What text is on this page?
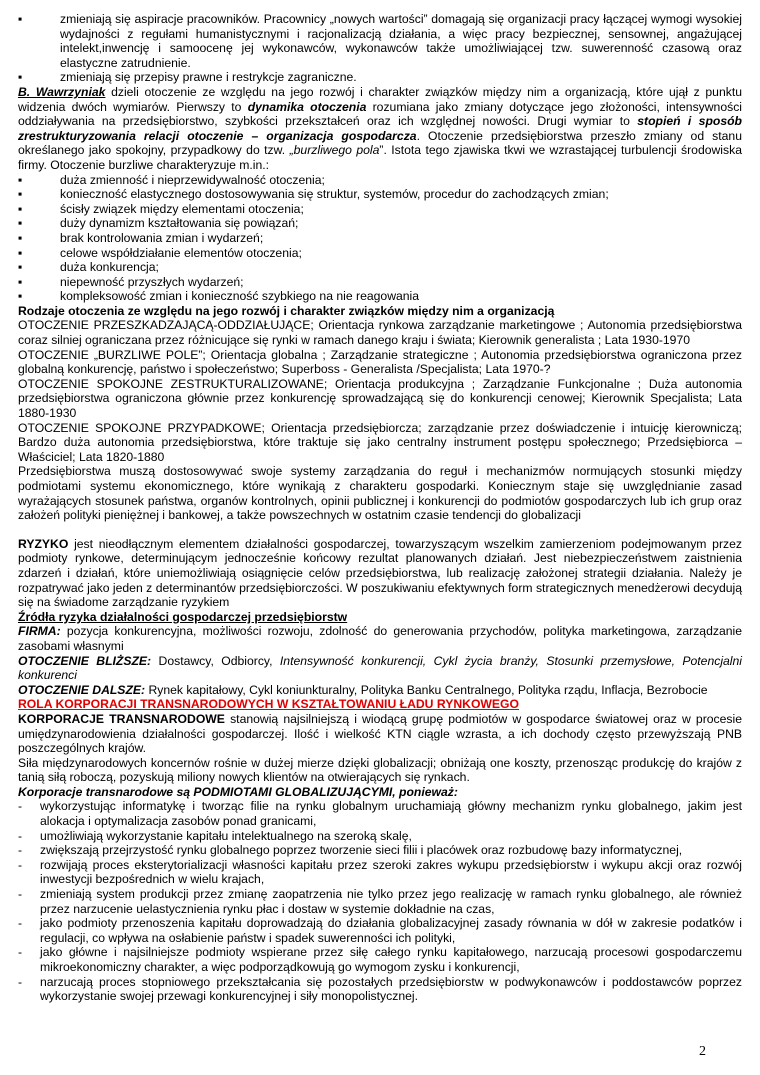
▪	zmieniają się aspiracje pracowników. Pracownicy „nowych wartości” domagają się organizacji pracy łączącej wymogi wysokiej wydajności z regułami humanistycznymi i racjonalizacją działania, a więc pracy bezpiecznej, sensownej, angażującej intelekt,inwencję i samoocenę jej wykonawców, wykonawców także umożliwiającej tzw. suwerenność czasową oraz elastyczne zatrudnienie.

▪	zmieniają się przepisy prawne i restrykcje zagraniczne.

B. Wawrzyniak dzieli otoczenie ze względu na jego rozwój i charakter związków między nim a organizacją, które ujął z punktu widzenia dwóch wymiarów. Pierwszy to dynamika otoczenia rozumiana jako zmiany dotyczące jego złożoności, intensywności oddziaływania na przedsiębiorstwo, szybkości przekształceń oraz ich względnej nowości. Drugi wymiar to stopień i sposób zrestrukturyzowania relacji otoczenie – organizacja gospodarcza. Otoczenie przedsiębiorstwa przeszło zmiany od stanu określanego jako spokojny, przypadkowy do tzw. „burzliwego pola”. Istota tego zjawiska tkwi we wzrastającej turbulencji środowiska firmy. Otoczenie burzliwe charakteryzuje m.in.:

▪	duża zmienność i nieprzewidywalność otoczenia;

▪	konieczność elastycznego dostosowywania się struktur, systemów, procedur do zachodzących zmian;

▪	ścisły związek między elementami otoczenia;

▪	duży dynamizm kształtowania się powiązań;

▪	brak kontrolowania zmian i wydarzeń;

▪	celowe współdziałanie elementów otoczenia;

▪	duża konkurencja;

▪	niepewność przyszłych wydarzeń;

▪	kompleksowość zmian i konieczność szybkiego na nie reagowania

Rodzaje otoczenia ze względu na jego rozwój i charakter związków między nim a organizacją

OTOCZENIE PRZESZKADZAJĄCĄ-ODDZIAŁUJĄCE; Orientacja rynkowa zarządzanie marketingowe ; Autonomia przedsiębiorstwa coraz silniej ograniczana przez różnicujące się rynki w ramach danego kraju i świata; Kierownik generalista ; Lata 1930-1970

OTOCZENIE „BURZLIWE POLE”; Orientacja globalna ; Zarządzanie strategiczne ; Autonomia przedsiębiorstwa ograniczona przez globalną konkurencję, państwo i społeczeństwo; Superboss - Generalista /Specjalista; Lata 1970-?

OTOCZENIE SPOKOJNE ZESTRUKTURALIZOWANE; Orientacja produkcyjna ; Zarządzanie Funkcjonalne ; Duża autonomia przedsiębiorstwa ograniczona głównie przez konkurencję sprowadzającą się do konkurencji cenowej; Kierownik Specjalista; Lata 1880-1930

OTOCZENIE SPOKOJNE PRZYPADKOWE; Orientacja przedsiębiorcza; zarządzanie przez doświadczenie i intuicję kierowniczą; Bardzo duża autonomia przedsiębiorstwa, które traktuje się jako centralny instrument postępu społecznego; Przedsiębiorca –Właściciel; Lata 1820-1880

Przedsiębiorstwa muszą dostosowywać swoje systemy zarządzania do reguł i mechanizmów normujących stosunki między podmiotami systemu ekonomicznego, które wynikają z charakteru gospodarki. Koniecznym staje się uwzględnianie zasad wyrażających stosunek państwa, organów kontrolnych, opinii publicznej i konkurencji do podmiotów gospodarczych lub ich grup oraz założeń polityki pieniężnej i bankowej, a także powszechnych w ostatnim czasie tendencji do globalizacji

RYZYKO jest nieodłącznym elementem działalności gospodarczej, towarzyszącym wszelkim zamierzeniom podejmowanym przez podmioty rynkowe, determinującym jednocześnie końcowy rezultat planowanych działań. Jest niebezpieczeństwem zaistnienia zdarzeń i działań, które uniemożliwiają osiągnięcie celów przedsiębiorstwa, lub realizację założonej strategii działania. Należy je rozpatrywać jako jeden z determinantów przedsiębiorczości. W poszukiwaniu efektywnych form strategicznych menedżerowi decydują się na świadome zarządzanie ryzykiem

Źródła ryzyka działalności gospodarczej przedsiębiorstw

FIRMA: pozycja konkurencyjna, możliwości rozwoju, zdolność do generowania przychodów, polityka marketingowa, zarządzanie zasobami własnymi

OTOCZENIE BLIŻSZE: Dostawcy, Odbiorcy, Intensywność konkurencji, Cykl życia branży, Stosunki przemysłowe, Potencjalni konkurenci

OTOCZENIE DALSZE: Rynek kapitałowy, Cykl koniunkturalny, Polityka Banku Centralnego, Polityka rządu, Inflacja, Bezrobocie

ROLA KORPORACJI TRANSNARODOWYCH W KSZTAŁTOWANIU ŁADU RYNKOWEGO

KORPORACJE TRANSNARODOWE stanowią najsilniejszą i wiodącą grupę podmiotów w gospodarce światowej oraz w procesie umiędzynarodowienia działalności gospodarczej. Ilość i wielkość KTN ciągle wzrasta, a ich dochody często przewyższają PNB poszczególnych krajów.

Siła międzynarodowych koncernów rośnie w dużej mierze dzięki globalizacji; obniżają one koszty, przenosząc produkcję do krajów z tanią siłą roboczą, pozyskują miliony nowych klientów na otwierających się rynkach.

Korporacje transnarodowe są PODMIOTAMI GLOBALIZUJĄCYMI, ponieważ:

- wykorzystując informatykę i tworząc filie na rynku globalnym uruchamiają główny mechanizm rynku globalnego, jakim jest alokacja i optymalizacja zasobów ponad granicami,

- umożliwiają wykorzystanie kapitału intelektualnego na szeroką skalę,

- zwiększają przejrzystość rynku globalnego poprzez tworzenie sieci filii i placówek oraz rozbudowę bazy informatycznej,

- rozwijają proces eksterytorializacji własności kapitału przez szeroki zakres wykupu przedsiębiorstw i wykupu akcji oraz rozwój inwestycji bezpośrednich w wielu krajach,

- zmieniają system produkcji przez zmianę zaopatrzenia nie tylko przez jego realizację w ramach rynku globalnego, ale również przez narzucenie uelastycznienia rynku płac i dostaw w systemie dokładnie na czas,

- jako podmioty przenoszenia kapitału doprowadzają do działania globalizacyjnej zasady równania w dół w zakresie podatków i regulacji, co wpływa na osłabienie państw i spadek suwerenności ich polityki,

- jako główne i najsilniejsze podmioty wspierane przez siłę całego rynku kapitałowego, narzucają procesowi gospodarczemu mikroekonomiczny charakter, a więc podporządkowują go wymogom zysku i konkurencji,

- narzucają proces stopniowego przekształcania się pozostałych przedsiębiorstw w podwykonawców i poddostawców poprzez wykorzystanie swojej przewagi konkurencyjnej i siły monopolistycznej.

2
